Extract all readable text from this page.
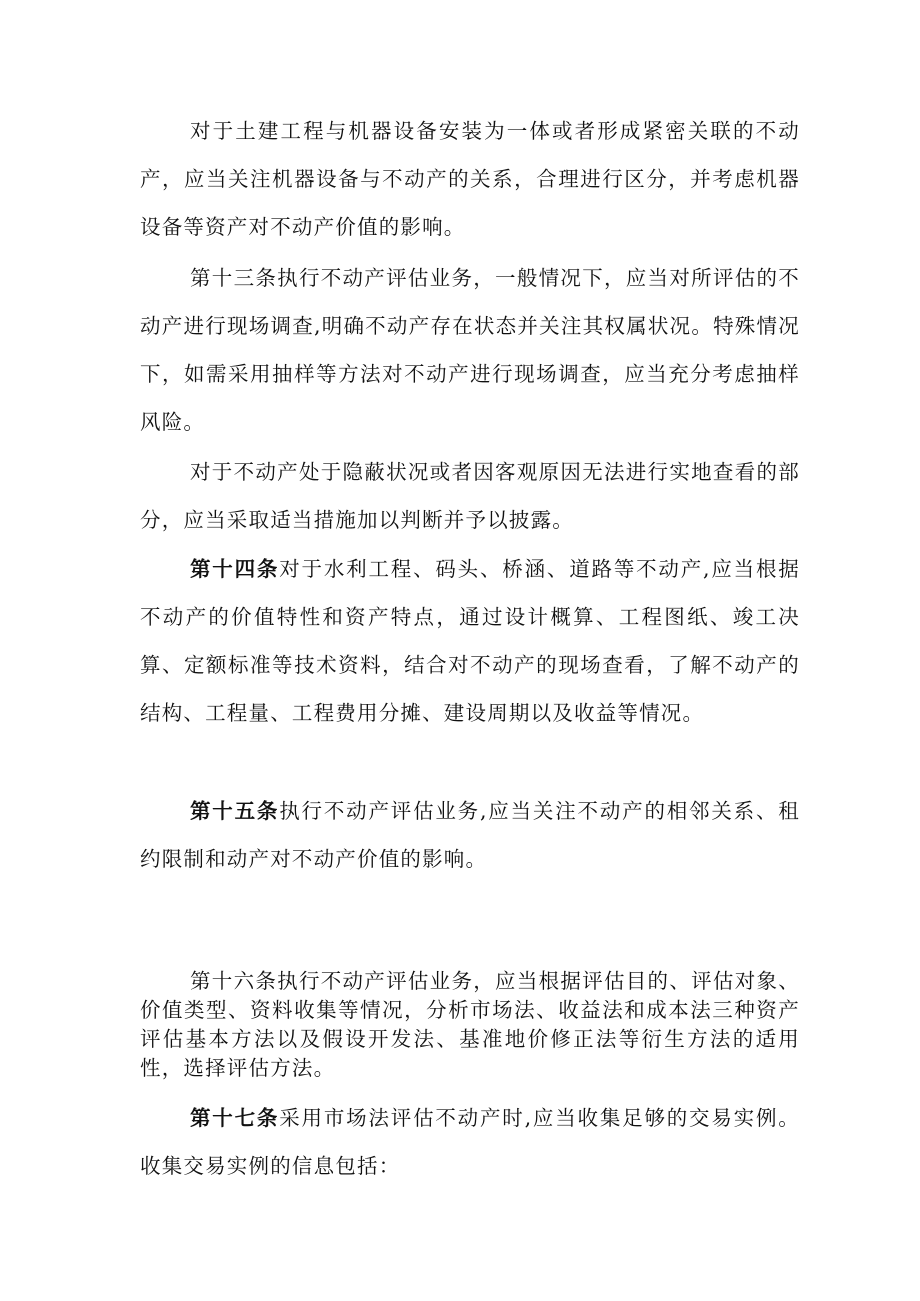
对于土建工程与机器设备安装为一体或者形成紧密关联的不动产，应当关注机器设备与不动产的关系，合理进行区分，并考虑机器设备等资产对不动产价值的影响。

第十三条执行不动产评估业务，一般情况下，应当对所评估的不动产进行现场调查,明确不动产存在状态并关注其权属状况。特殊情况下，如需采用抽样等方法对不动产进行现场调查，应当充分考虑抽样风险。

对于不动产处于隐蔽状况或者因客观原因无法进行实地查看的部分，应当采取适当措施加以判断并予以披露。

第十四条对于水利工程、码头、桥涵、道路等不动产,应当根据不动产的价值特性和资产特点，通过设计概算、工程图纸、竣工决算、定额标准等技术资料，结合对不动产的现场查看，了解不动产的结构、工程量、工程费用分摊、建设周期以及收益等情况。

第十五条执行不动产评估业务,应当关注不动产的相邻关系、租约限制和动产对不动产价值的影响。

第十六条执行不动产评估业务，应当根据评估目的、评估对象、价值类型、资料收集等情况，分析市场法、收益法和成本法三种资产评估基本方法以及假设开发法、基准地价修正法等衍生方法的适用性，选择评估方法。

第十七条采用市场法评估不动产时,应当收集足够的交易实例。收集交易实例的信息包括：
